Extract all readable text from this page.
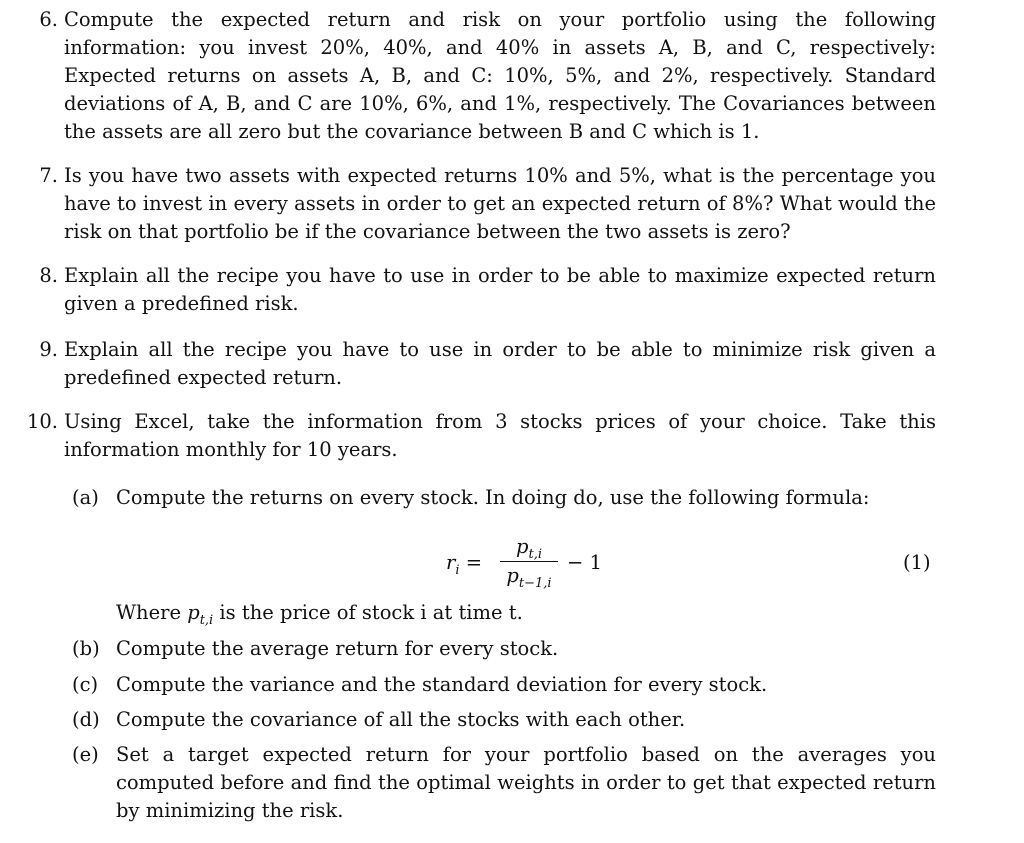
6. Compute the expected return and risk on your portfolio using the following information: you invest 20%, 40%, and 40% in assets A, B, and C, respectively: Expected returns on assets A, B, and C: 10%, 5%, and 2%, respectively. Standard deviations of A, B, and C are 10%, 6%, and 1%, respectively. The Covariances between the assets are all zero but the covariance between B and C which is 1.
7. Is you have two assets with expected returns 10% and 5%, what is the percentage you have to invest in every assets in order to get an expected return of 8%? What would the risk on that portfolio be if the covariance between the two assets is zero?
8. Explain all the recipe you have to use in order to be able to maximize expected return given a predefined risk.
9. Explain all the recipe you have to use in order to be able to minimize risk given a predefined expected return.
10. Using Excel, take the information from 3 stocks prices of your choice. Take this information monthly for 10 years.
(a) Compute the returns on every stock. In doing do, use the following formula:
$r_i$ =
$p_{t,i}$
$p_{t-1,i}$
− 1	(1)
Where $p_{t,i}$ is the price of stock i at time t.
(b) Compute the average return for every stock.
(c) Compute the variance and the standard deviation for every stock.
(d) Compute the covariance of all the stocks with each other.
(e) Set a target expected return for your portfolio based on the averages you computed before and find the optimal weights in order to get that expected return by minimizing the risk.
